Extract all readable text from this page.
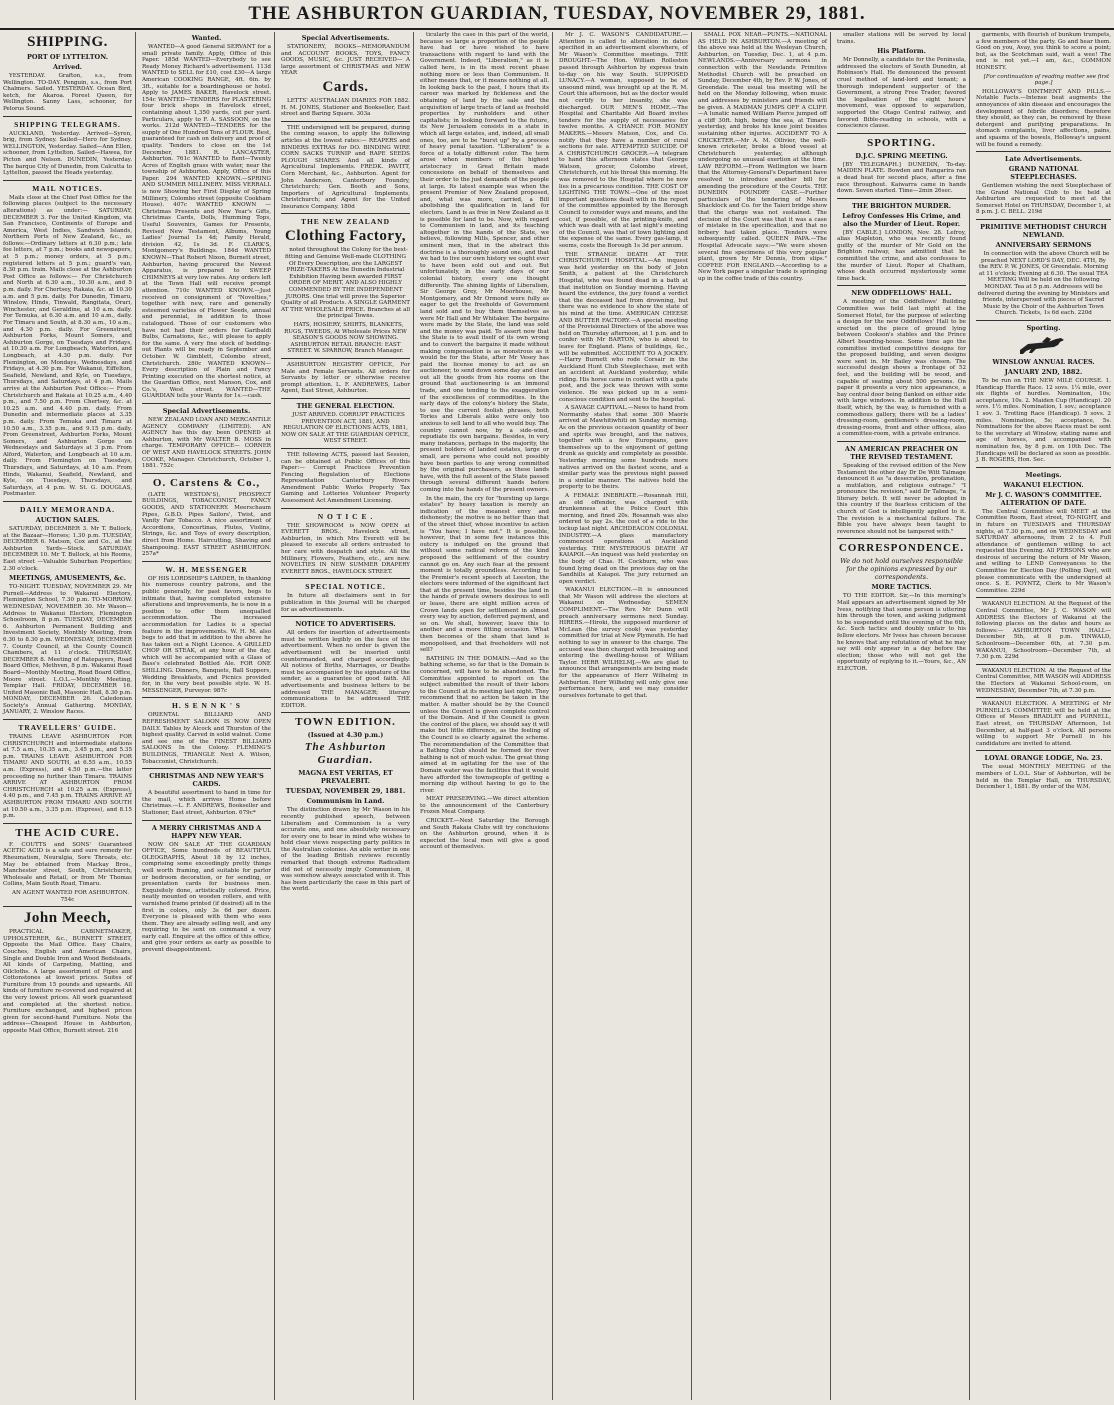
THE ASHBURTON GUARDIAN, TUESDAY, NOVEMBER 29, 1881.
SHIPPING.
PORT OF LYTTELTON.
Arrived.

YESTERDAY. Grafton, s.s., from Wellington. TO-DAY. Penguin, s.s., from Port Chalmers. Sailed. YESTERDAY. Ocean Bird, ketch, for Akaroa. Forest Queen, for Wellington. Sanny Lass, schooner, for Pelorus Sound.

SHIPPING TELEGRAMS.

AUCKLAND, Yesterday. Arrived—Syren, brig, from Sydney. Sailed—Hero for Sydney. WELLINGTON, Yesterday. Sailed—Ann Ellen, schooner, from Lyttelton. Sailed—Hawea, for Picton and Nelson. DUNEDIN, Yesterday. The barque City of Dunedin, from Calcutta to Lyttelton, passed the Heads yesterday.

MAIL NOTICES.

Mails close at the Chief Post Office for the following places (subject to the necessary alterations) as under:— SATURDAY, DECEMBER 3. For the United Kingdom, via San Francisco, Continents of Europe and America, West Indies, Sandwich Islands, Northern Ports of New Zealand, &c., as follows:—Ordinary letters at 6.30 p.m.; late fee letters, at 7 p.m.; books and newspapers, at 5 p.m.; money orders, at 5 p.m.; registered letters at 5 p.m.; guard's van, 8.30 p.m. train. Mails close at the Ashburton Post Office as follows:— For Christchurch and North at 6.30 a.m., 10.30 a.m., and 5 p.m. daily. For Chertsey, Rakaia, &c. at 10.30 a.m. and 5 p.m. daily. For Dunedin, Timaru, Winslow, Hinds, Tinwald, Rangitata, Orari, Winchester, and Geraldine, at 10 a.m. daily. For Temuka, at 6.30 a.m. and 10 a.m., daily. For Timaru and South, at 8.30 a.m., 10 a.m., and 4.30 p.m. daily. For Greenstreet, Ashburton Forks, Mount Somers, and Ashburton Gorge, on Tuesdays and Fridays, at 10.30 a.m. For Longbeach, Waterton, and Longbeach, at 4.30 p.m. daily. For Flemington, on Mondays, Wednesdays, and Fridays, at 4.30 p.m. For Wakanui, Eiffelton, Seafield, Newland, and Kyle, on Tuesdays, Thursdays, and Saturdays, at 4 p.m. Mails arrive at the Ashburton Post Office:— From Christchurch and Rakaia at 10.25 a.m., 4.40 p.m., and 7.50 p.m. From Chertsey, &c. at 10.25 a.m. and 4.40 p.m. daily. From Dunedin and intermediate places at 3.35 p.m. daily. From Temuka and Timaru at 10.50 a.m., 3.35 p.m., and 9.15 p.m. daily. From Greenstreet, Ashburton Forks, Mount Somers, and Ashburton Gorge on Wednesdays and Saturdays at 3 p.m. From Alford, Waterton, and Longbeach at 10 a.m. daily. From Flemington on Tuesdays, Thursdays, and Saturdays, at 10 a.m. From Hinds, Wakanui, Seafield, Newland, and Kyle, on Tuesdays, Thursdays, and Saturdays, at 4 p.m. W. St. G. DOUGLAS, Postmaster.

DAILY MEMORANDA.
AUCTION SALES.

SATURDAY, DECEMBER 3. Mr T. Bullock, at the Bazaar—Horses; 1.30 p.m. TUESDAY, DECEMBER 6. Matson, Cox and Co., at the Ashburton Yards—Stock. SATURDAY, DECEMBER 10. Mr T. Bullock, at his Rooms, East street —Valuable Suburban Properties; 2.30 o'clock.

MEETINGS, AMUSEMENTS, &c.

TO-NIGHT. TUESDAY, NOVEMBER 29. Mr Purnell—Address to Wakanui Electors, Flemington School, 7.30 p.m. TO-MORROW. WEDNESDAY, NOVEMBER 30. Mr Wason—Address to Wakanui Electors, Flemington Schoolroom, 8 p.m. TUESDAY, DECEMBER 6. Ashburton Permanent Building and Investment Society, Monthly Meeting, from 6.30 to 8.30 p.m. WEDNESDAY, DECEMBER 7. County Council, at the County Council Chambers, at 11 o'clock. THURSDAY, DECEMBER 8. Meeting of Ratepayers, Road Board Office, Methven, 8 p.m. Wakanui Road Board—Monthly Meeting, Road Board Office, Moore street. L.O.L.—Monthly Meeting, Templar Hall. FRIDAY, DECEMBER 16. United Masonic Ball, Masonic Hall, 8.30 p.m. MONDAY, DECEMBER 26. Caledonian Society's Annual Gathering. MONDAY, JANUARY, 2. Winslow Races.

TRAVELLERS' GUIDE.

TRAINS LEAVE ASHBURTON FOR CHRISTCHURCH and intermediate stations at 7.5 a.m., 10.35 a.m., 3.45 p.m., and 5.35 p.m. TRAINS LEAVE ASHBURTON FOR TIMARU AND SOUTH, at 6.55 a.m., 10.55 a.m. (Express), and 4.50 p.m.—the latter proceeding no further than Timaru. TRAINS ARRIVE AT ASHBURTON FROM CHRISTCHURCH at 10.25 a.m. (Express), 4.40 p.m., and 7.45 p.m. TRAINS ARRIVE AT ASHBURTON FROM TIMARU AND SOUTH at 10.50 a.m., 3.35 p.m. (Express), and 8.15 p.m.

THE ACID CURE.

F. COUTTS and SONS' Guaranteed ACETIC ACID is a safe and sure remedy for Rheumatism, Neuralgia, Sore Throats, etc. May be obtained from Mackay Bros., Manchester street, South, Christchurch, Wholesale and Retail, or from Mr Thomas Collins, Main South Road, Timaru.

AN AGENT WANTED FOR ASHBURTON. 754c

John Meech,

PRACTICAL CABINETMAKER, UPHOLSTERER, &c., BURNETT STREET, Opposite the Mail Office. Easy Chairs, Couches, English and American Chairs, Single and Double Iron and Wood Bedsteads. All kinds of Carpeting, Matting, and Oilcloths. A large assortment of Pipes and Cottonstones at lowest prices. Suites of Furniture from 15 pounds and upwards. All kinds of furniture re-covered and repaired at the very lowest prices. All work guaranteed and completed at the shortest notice. Furniture exchanged, and highest prices given for second-hand Furniture. Note the address—Cheapest House in Ashburton, opposite Mail Office, Burnett street. 216

Wanted.

WANTED—A good General SERVANT for a small private family. Apply, Office of this Paper. 185d WANTED—Everybody to see Ready Money Richard's advertisement. 113d WANTED to SELL for £10, cost £30—A large American COOKING RANGE, 4ft. 6in. by 3ft., suitable for a boardinghouse or hotel. Apply to JAMES BAKER, Havelock street. 154c WANTED—TENDERS for PLASTERING four brick shops in Havelock street, containing about 1,350 yards, cut per yard. Particulars, apply to F. A. SASSOON, on the works. 212d WANTED—TENDERS for the supply of One Hundred Tons of FLOUR. Best, guaranteed for cash on delivery and proof of quality. Tenders to close on the 1st December, 1881. R. LANCASTER, Ashburton. 761c WANTED to Rent—Twenty Acres of English grass with water, near the township of Ashburton. Apply, Office of this Paper. 294 WANTED KNOWN.—SPRING AND SUMMER MILLINERY. MISS VERRALL is now Showing her First Display of Spring Millinery, Colombo street (opposite Cookham House). 407c WANTED KNOWN — Christmas Presents and New Year's Gifts, Christmas Cards, Dolls, Humming Tops, Useful Souvenirs, Games for Presents, Revised New Testament, Albums, Young Ladies' Journal 1s 4d; Family Herald, division 42, 1s 3d. F. CLARK'S, Montgomery's Buildings. 184d WANTED KNOWN—That Robert Nixon, Burnett street, Ashburton, having procured the Newest Apparatus, is prepared to SWEEP CHIMNEYS at very low rates. Any orders left at the Town Hall will receive prompt attention. 710c WANTED KNOWN.—Just received on consignment of "Novelties," together with new, rare and generally esteemed varieties of Flower Seeds, annual and perennial, in addition to those catalogued. Those of our customers who have not had their orders for Garibaldi Bulbs, Carnations, &c., will please to apply for the same. A very fine stock of bedding-out Plants will be ready in September and October. W. Gimblett, Colombo street, Christchurch. 280c WANTED KNOWN—Every description of Plain and Fancy Printing executed on the shortest notice, at the Guardian Office, next Manson, Cox, and Co.'s, West street. WANTED—THE GUARDIAN tells your Wants for 1s.—cash.

Special Advertisements.

NEW ZEALAND LOAN AND MERCANTILE AGENCY COMPANY (LIMITED). AN AGENCY has this day been OPENED at Ashburton, with Mr WALTER B. MOSS in charge. TEMPORARY OFFICE— CORNER OF WEST AND HAVELOCK STREETS. JOHN COOKE, Manager. Christchurch, October 1, 1881. 752c

O. Carstens & Co.,

(LATE WESTON'S), PROSPECT BUILDINGS, TOBACCONIST, FANCY GOODS, AND STATIONERY. Meerschaum Pipes, G.B.D. Pipes Sailors', Twist, and Vanity Fair Tobacco. A nice assortment of Accordions, Concertinas, Flutes, Violins, Strings, &c. and Toys of every description, direct from Home. Haircutting, Shaving and Shampooing. EAST STREET ASHBURTON. 257a*

W. H. MESSENGER

OF HIS LORDSHIP'S LARDER, In thanking his numerous country patrons, and the public generally, for past favors, begs to intimate that, having completed extensive alterations and improvements, he is now in a position to offer them unequalled accommodation. The increased accommodation for Ladies is a special feature in the improvements. W. H. M. also begs to add that in addition to the above he has taken out a Night Licence. A GRILLED CHOP OR STEAK, at any hour of the day, which will be accompanied with a Glass of Bass's celebrated Bottled Ale. FOR ONE SHILLING. Dinners, Banquets, Ball Suppers, Wedding Breakfasts, and Picnics provided for, in the very best possible style. W. H. MESSENGER, Purveyor. 987c

H. S E N N K ' S

ORIENTAL BILLIARD AND REFRESHMENT SALOON IS NOW OPEN DAILY. Tables by Alcock and Thurston of the highest quality. Carved in solid walnut. Come and see one of the FINEST BILLIARD SALOONS In the Colony. FLEMING'S BUILDINGS, TRIANGLE Next A. Wilson, Tobacconist, Christchurch.

CHRISTMAS AND NEW YEAR'S CARDS.

A beautiful assortment to hand in time for the mail, which arrives Home before Christmas.—L. F. ANDREWS, Bookseller and Stationer, East street, Ashburton. 679c*

A MERRY CHRISTMAS AND A HAPPY NEW YEAR.

NOW ON SALE AT THE GUARDIAN OFFICE, Some hundreds of BEAUTIFUL OLEOGRAPHS, About 18 by 12 inches, comprising some exceedingly pretty things well worth framing, and suitable for parlor or bedroom decoration, or for sending, or presentation cards for business men. Exquisitely done, artistically colored. Price, neatly mounted on wooden rollers, and with varnished frame printed (if desired) all in the first in colors, only 3s 6d per dozen. Everyone is pleased with them who sees them. They are already selling well, and any requiring to be sent on command a very early call. Enquire at the office of this office, and give your orders as early as possible to prevent disappointment.

Special Advertisements.

STATIONERY, BOOKS—MEMORANDUM and ACCOUNT BOOKS, TOYS, FANCY GOODS, MUSIC, &c. JUST RECEIVED— A large assortment of CHRISTMAS and NEW YEAR

Cards.

LETTS' AUSTRALIAN DIARIES FOR 1882. H. M. JONES, Stationer and Bookseller, East street and Baring Square. 303a

THE undersigned will be prepared, during the coming season, to apply the following articles at the lowest rates:— REAPERS and BINDERS EXTRAS for DO. BINDING WIRE CORN SACKS TURNIP and RAPE SEEDS PLOUGH SHARES And all kinds of Agricultural Implements. FREDK. PAVITT, Corn Merchant, &c., Ashburton. Agent for John Anderson, Canterbury Foundry, Christchurch; Gen. Booth and Sons, Importers of Agricultural Implements, Christchurch; and Agent for the United Insurance Company. 180d

THE NEW ZEALAND
Clothing Factory,

noted throughout the Colony for the best-fitting and Genuine Well-made CLOTHING Of Every Description, are the LARGEST PRIZE-TAKERS At the Dunedin Industrial Exhibition Having been awarded FIRST ORDER OF MERIT, AND ALSO HIGHLY COMMENDED BY THE INDEPENDENT JURORS. One trial will prove the Superior Quality of all Products. A SINGLE GARMENT AT THE WHOLESALE PRICE. Branches at all the principal Towns.

HATS, HOSIERY, SHIRTS, BLANKETS, RUGS, TWEEDS, At Wholesale Prices NEW SEASON'S GOODS NOW SHOWING. ASHBURTON RETAIL BRANCH: EAST STREET. W. SPARROW, Branch Manager.

ASHBURTON REGISTRY OFFICE, For Male and Female Servants. All orders for Servants by letter or otherwise receive prompt attention. L. F. ANDREWES, Labor Agent, East Street, Ashburton.

THE GENERAL ELECTION.

JUST ARRIVED. CORRUPT PRACTICES PREVENTION ACT, 1881, AND REGULATION OF ELECTIONS ACTS, 1881, NOW ON SALE AT THE GUARDIAN OFFICE, WEST STREET.

THE following ACTS, passed last Session, can be obtained at Public Offices of this Paper:— Corrupt Practices Prevention Fencing Regulation of Elections Representation Canterbury Rivers Amendment Public Works Property Tax Gaming and Lotteries Volunteer Property Assessment Act Amendment Licensing.

N O T I C E .

THE SHOWROOM is NOW OPEN at EVERETT BROS., Havelock street, Ashburton, in which Mrs Everett will be pleased to execute all orders entrusted to her care with despatch and style. All the Millinery, Flowers, Feathers, etc., are new. NOVELTIES IN NEW SUMMER DRAPERY EVERETT BROS., HAVELOCK STREET.

SPECIAL NOTICE.

In future all disclaimers sent in for publication in this Journal will be charged for as advertisements.

NOTICE TO ADVERTISERS.

All orders for insertion of advertisements must be written legibly on the face of the advertisement. When no order is given the advertisement will be inserted until countermanded, and charged accordingly. All notices of Births, Marriages, or Deaths must be accompanied by the signature of the sender, as a guarantee of good faith. All advertisements and business letters to be addressed THE MANAGER; literary communications to be addressed THE EDITOR.

TOWN EDITION.
(Issued at 4.30 p.m.)
The Ashburton Guardian.
MAGNA EST VERITAS, ET PREVALEBIT.
TUESDAY, NOVEMBER 29, 1881.
Communism in Land.

The distinction drawn by Mr Wason in his recently published speech, between Liberalism and Communism is a very accurate one, and one absolutely necessary for every one to bear in mind who wishes to hold clear views respecting party politics in the Australian colonies. An able writer in one of the leading British reviews recently remarked that though extreme Radicalism did not of necessity imply Communism, it was somehow always associated with it. This has been particularly the case in this part of the world.

ticularly the case in this part of the world, because so large a proportion of the people have had or have wished to have transactions with regard to land with the Government. Indeed, "Liberalism," as it is called here, is in its most recent phase nothing more or less than Communism. It either means that, or it means nothing at all. In looking back to the past, I hours that its career was marked by fickleness and the obtaining of land by the sale and the acquisition of large tracts of land as freehold properties by runholders and other capitalists; in looking forward to the future, its New Jerusalem consists in a state in which all large estates, and, indeed, all small ones, too, are to be "burst up" by a process of heavy penal taxation. "Liberalism" is a force of a totally different color. The term arose when members of the highest aristocracy in Great Britain made concessions on behalf of themselves and their order to the just demands of the people at large. Its latest example was when the present Premier of New Zealand proposed, and, what was more, carried, a Bill abolishing the qualification in land for electors. Land is as free in New Zealand as it is possible for land to be. Now, with regard to Communism in land, and its teaching altogether in the hands of the State, we believe, following Mills, Spencer, and other eminent men, that in the abstract this doctrine is a thoroughly sound one, and that we had to live our own history we ought ever to have been sold out and out. But unfortunately, in the early days of our colonial history, every one thought differently. The shining lights of Liberalism, Sir George Grey, Mr Moorhouse, Mr Montgomery, and Mr Ormond were fully as eager to get the freeholds of Government land sold and to buy them themselves as were Mr Hall and Mr Whitaker. The bargains were made by the State, the land was sold and the money was paid. To assert now that the State is to avail itself of its own wrong and to convert the bargains it made without making compensation is as monstrous as it would be for the State, after Mr Vesey has paid the license money to act as an auctioneer, to send down some day and clear out all the goods from his rooms on the ground that auctioneering is an immoral trade, and one tending to the exaggeration of the excellences of commodities. In the early days of the colony's history the State, to use the current foolish phrases, both Tories and Liberals alike were only too anxious to sell land to all who would buy. The country cannot now, by a side-wind, repudiate its own bargains. Besides, in very many instances, perhaps in the majority, the present holders of landed estates, large or small, are persons who could not possibly have been parties to any wrong committed by the original purchasers, as these lands have, with the full assent of the State passed through several different hands before coming into the hands of the present owners.

In the main, the cry for "bursting up large estates" by heavy taxation is merely an indication of the meanest envy and dishonesty; the motive is no better than that of the street thief, whose incentive to action is "You have; I have not." It is possible, however, that in some few instances this outcry is indulged on the ground that without some radical reform of the kind proposed the settlement of the country cannot go on. Any such fear at the present moment is totally groundless. According to the Premier's recent speech at Leeston, the electors were informed of the significant fact that at the present time, besides the land in the hands of private owners desirous to sell or lease, there are eight million acres of Crown lands open for settlement in almost every way by auction, deferred payment, and so on. We shall, however, leave this to another and a more fitting occasion. What then becomes of the sham that land is monopolised, and that freeholders will not sell?

BATHING IN THE DOMAIN.—And so the bathing scheme, so far that is the Domain is concerned, will have to be abandoned. The Committee appointed to report on the subject submitted the result of their labors to the Council at its meeting last night. They recommend that no action be taken in the matter. A matter should be by the Council unless the Council is given complete control of the Domain. And if the Council is given the control of the place, we should say it will make but little difference, as the feeling of the Council is so clearly against the scheme. The recommendation of the Committee that a Bathing Club should be formed for river bathing is not of much value. The great thing aimed at in agitating for the use of the Domain water was the facilities that it would have afforded the townspeople of getting a morning dip without having to go to the river.

MEAT PRESERVING.—We direct attention to the announcement of the Canterbury Frozen Meat Company.

CRICKET.—Next Saturday the Borough and South Rakaia Clubs will try conclusions on the Ashburton ground, when it is expected the local men will give a good account of themselves.

Mr J. C. WASON'S CANDIDATURE.—Attention is called to alteration in dates specified in an advertisement elsewhere, of Mr Wason's Committee meetings. THE DROUGHT.—The Hon. William Rolleston passed through Ashburton by express train to-day on his way South. SUPPOSED LUNACY.—A woman, supposed to be of unsound mind, was brought up at the R. M. Court this afternoon, but as the doctor would not certify to her insanity, she was discharged. OUR MEN'S HOME.—The Hospital and Charitable Aid Board invites tenders for the supply of necessaries for twelve months. A CHANCE FOR MONEY MAKERS.—Messrs Matson, Cox, and Co. notify that they have a number of rural sections for sale. ATTEMPTED SUICIDE OF A CHRISTCHURCH GROCER.—A telegram to hand this afternoon states that George Watson, grocer, Colombo street, Christchurch, cut his throat this morning. He was removed to the Hospital where he now lies in a precarious condition. THE COST OF LIGHTING THE TOWN.—One of the most important questions dealt with in the report of the committee appointed by the Borough Council to consider ways and means, and the cost, if possible, of the printing-knife, and which was dealt with at last night's meeting of the Council, was that of town lighting and the expense of the same. Every gas-lamp, it seems, costs the Borough 1s 3d per annum.

THE STRANGE DEATH AT THE CHRISTCHURCH HOSPITAL.—An inquest was held yesterday on the body of John Smith, a patient at the Christchurch Hospital, who was found dead in a bath at that institution on Sunday morning. Having heard the evidence, the jury found a verdict that the deceased had from drowning, but there was no evidence to show the state of his mind at the time. AMERICAN CHEESE AND BUTTER FACTORY.—A special meeting of the Provisional Directors of the above was held on Thursday afternoon, at 1 p.m. and to confer with Mr BARTON, who is about to leave for England. Plans of buildings, &c., will be submitted. ACCIDENT TO A JOCKEY.—Harry Burnett who rode Corsair in the Auckland Hunt Club Steeplechase, met with an accident at Auckland yesterday, while riding. His horse came in contact with a gate post, and the jock was thrown with some violence. He was picked up in a semi-conscious condition and sent to the hospital.

A SAVAGE CAPTIVAL.—News to hand from Normanby states that some 300 Maoris arrived at Mawhitiwhiti on Sunday morning. As on the previous occasion quantity of beer and spirits was brought, and the natives, together with a few Europeans, gave themselves up to the enjoyment of getting drunk as quickly and completely as possible. Yesterday morning some hundreds more natives arrived on the fastest scene, and a similar party was the previous night passed in a similar manner. The natives hold the property to be theirs.

A FEMALE INEBRIATE.—Rosannah Hill, an old offender, was charged with drunkenness at the Police Court this morning, and fined 20s. Rosannah was also ordered to pay 2s. the cost of a ride to the lockup last night. ARCHDEACON COLONIAL INDUSTRY.—A glass manufactory commenced operations at Auckland yesterday. THE MYSTERIOUS DEATH AT KAIAPOI.—An inquest was held yesterday on the body of Chas. H. Cockburn, who was found lying dead on the previous day on the Sandhills at Kaiapoi. The jury returned an open verdict.

WAKANUI ELECTION.—It is announced that Mr Wason will address the electors at Wakanui on Wednesday. SEMEN COMPLIMENT.—The Rev. Mr Dunn will preach anniversary sermons next Sunday. HIRERS.—Hiroki, the supposed murderer of McLean (the survey cook) was yesterday committed for trial at New Plymouth. He had nothing to say in answer to the charge. The accused was then charged with breaking and entering the dwelling-house of William Taylor. HERR WILHELMJ.—We are glad to announce that arrangements are being made for the appearance of Herr Wilhelmj in Ashburton. Herr Wilhelmj will only give one performance here, and we may consider ourselves fortunate to get that.

SMALL POX NEAR—PUNTS.—NATIONAL AS HELD IN ASHBURTON.—A meeting of the above was held at the Wesleyan Church, Ashburton, on Tuesday, Dec. 1, at 4 p.m. NEWLANDS.—Anniversary sermons in connection with the Newlands Primitive Methodist Church will be preached on Sunday, December 4th, by Rev. P. W. Jones, of Greendale. The usual tea meeting will be held on the Monday following, when music and addresses by ministers and friends will be given. A MADMAN JUMPS OFF A CLIFF.—A lunatic named William Pierce jumped off a cliff 30ft. high, being the sea, at Timaru yesterday, and broke his knee joint besides sustaining other injuries. ACCIDENT TO A CRICKETER.—Mr A. M. Ollivier, the well-known cricketer, broke a blood vessel at Christchurch yesterday, although undergoing no unusual exertion at the time. LAW REFORM.—From Wellington we learn that the Attorney-General's Department have resolved to introduce another bill for amending the procedure of the Courts. THE DUNEDIN FOUNDRY CASE.—Further particulars of the tendering of Messrs Shacklock and Co. for the Taieri bridge show that the charge was not sustained. The decision of the Court was that it was a case of mistake in the specification, and that no bribery had taken place. Tenders were subsequently called. QUEEN PAPA.—The Hospital Advocate says:—"We were shown several fine specimens of this very popular plant, grown by Mr Dennis, from slips." COFFEE FOR ENGLAND.—According to a New York paper a singular trade is springing up in the coffee trade of this country.

smaller stations will be served by local trains.

His Platform.

Mr Donnelly, a candidate for the Peninsula, addressed the electors of South Dunedin, at Robinson's Hall. He denounced the present cruel method of land-lord and tenant; a thorough independent supporter of the Government, a strong Free Trader, favored the legalisation of the eight hours' movement, was opposed to separation, supported the Otago Central railway, and favored Bible-reading in schools, with a conscience clause.

SPORTING.
D.J.C. SPRING MEETING.

[BY TELEGRAPH.] DUNEDIN, To-day. MAIDEN PLATE. Bowden and Rangarira ran a dead heat for second place, after a fine race throughout. Kaiwarra came in hands down. Seven started. Time—2min 26sec.

THE BRIGHTON MURDER.
Lefroy Confesses His Crime, and also the Murder of Lieut. Roper.

[BY CABLE.] LONDON, Nov. 28. Lefroy, alias Mapleton, who was recently found guilty of the murder of Mr Gold on the Brighton railway, has admitted that he committed the crime, and also confesses to the murder of Lieut. Roper at Chatham, whose death occurred mysteriously some time back.

NEW ODDFELLOWS' HALL.

A meeting of the Oddfellows' Building Committee was held last night at the Somerset Hotel, for the purpose of selecting a design for the new Oddfellows' Hall to be erected on the piece of ground lying between Cookson's stables and the Prince Albert boarding-house. Some time ago the committee invited competitive designs for the proposed building, and seven designs were sent in. Mr Bailey was chosen. The successful design shows a frontage of 52 feet, and the building will be wood, and capable of seating about 500 persons. On paper it presents a very nice appearance, a bay central door being flanked on either side with large windows. In addition to the Hall itself, which, by the way, is furnished with a commodious gallery, there will be a ladies' dressing-room, gentlemen's dressing-room, dressing-rooms, front and other offices, also a committee-room, with a private entrance.

AN AMERICAN PREACHER ON THE REVISED TESTAMENT.

Speaking of the revised edition of the New Testament the other day Dr De Witt Talmage denounced it as "a desecration, profanation, a mutilation, and religious outrage." "I pronounce the revision," said Dr Talmage, "a literary botch. It will never be adopted in this country if the fearless criticism of the church of God is intelligently applied to it. The revision is a mechanical failure. The Bible you have always been taught to reverence should not be tampered with."

CORRESPONDENCE.
We do not hold ourselves responsible for the opinions expressed by our correspondents.
MORE TACTICS.

TO THE EDITOR. Sir,—In this morning's Mail appears an advertisement signed by Mr Ivess, notifying that some person is uttering him through the town, and asking judgment to be suspended until the evening of the 6th, &c. Such tactics and doubly unfair to his fellow electors. Mr Ivess has chosen because he knows that any refutation of what he may say will only appear in a day before the election; those who will not get the opportunity of replying to it.—Yours, &c., AN ELECTOR.

garments, with flourish of bunkum trumpets, a few members of the party. Go and hear them. Good on you, Avay, you think to score a point; but, as the Scotchman said, wait a wee! The end is not yet.—I am, &c., COMMON HONESTY.

[For continuation of reading matter see first page.]

HOLLOWAY'S OINTMENT AND PILLS.—Notable Facts.—Intense heat augments the annoyances of skin disease and encourages the development of febrile disorders; therefore they should, as they can, be removed by these detergent and purifying preparations. In stomach complaints, liver affections, pains, and spasms of the bowels, Holloway's unguent will be found a remedy.

Late Advertisements.
GRAND NATIONAL STEEPLECHASES.

Gentlemen wishing the next Steeplechase of the Grand National Club to be held at Ashburton are requested to meet at the Somerset Hotel on THURSDAY, December 1, at 8 p.m. J. C. BELL. 219d

PRIMITIVE METHODIST CHURCH NEWLAND.
ANNIVERSARY SERMONS

In connection with the above Church will be preached NEXT LORD'S DAY, DEC. 4TH, By the REV. P. W. JONES, Of Greendale. Morning at 11 o'clock; Evening at 6.30. The usual TEA MEETING Will be held on the following MONDAY. Tea at 5 p.m. Addresses will be delivered during the evening by Ministers and friends, interspersed with pieces of Sacred Music by the Choir of the Ashburton Town Church. Tickets, 1s 6d each. 220d

Sporting.
WINSLOW ANNUAL RACES.
JANUARY 2ND, 1882.

To be run on THE NEW MILE COURSE. 1. Handicap Hurdle Race. 12 sovs. 1¼ mile, over six flights of hurdles. Nomination, 10s; acceptance, 10s. 2. Maiden Cup (Handicap). 20 sovs. 1½ miles. Nomination, 1 sov.; acceptance 1 sov. 3. Trotting Race (Handicap). 5 sovs. 2 miles. Nomination, 5s; acceptance, 5s. Nominations for the above Races must be sent to the secretary at Winslow, stating name and age of horses, and accompanied with nomination fee, by 8 p.m. on 10th Dec. The Handicaps will be declared as soon as possible. J. B. ROGERS, Hon. Sec.

Meetings.
WAKANUI ELECTION.
Mr J. C. WASON'S COMMITTEE. ALTERATION OF DATE.

The Central Committee will MEET at the Committee Room, East street, TO-NIGHT, and in future on TUESDAYS and THURSDAY nights, at 7.30 p.m., and on WEDNESDAY and SATURDAY afternoons, from 2 to 4. Full attendance of gentlemen willing to act requested this Evening. All PERSONS who are desirous of securing the return of Mr Wason, and willing to LEND Conveyances to the Committee for Election Day (Polling Day), will please communicate with the undersigned at once. S. E. POYNTZ, Clerk to Mr Wason's Committee. 229d

WAKANUI ELECTION. At the Request of the Central Committee, Mr J. C. WASON will ADDRESS the Electors of Wakanui at the following places on the dates and hours as follows:— ASHBURTON TOWN HALL—December 5th, at 8 p.m. TINWALD, Schoolroom—December 6th, at 7.30 p.m. WAKANUI, Schoolroom—December 7th, at 7.30 p.m. 229d

WAKANUI ELECTION. At the Request of the Central Committee, MR WASON will ADDRESS the Electors at Wakanui School-room, on WEDNESDAY, December 7th, at 7.30 p.m.

WAKANUI ELECTION. A MEETING of Mr PURNELL'S COMMITTEE will be held at the Offices of Messrs BRADLEY and PURNELL, East street, on THURSDAY Afternoon, 1st December, at half-past 3 o'clock. All persons willing to support Mr Purnell in his candidature are invited to attend.

LOYAL ORANGE LODGE, No. 23.

The usual MONTHLY MEETING of the members of L.O.L. Star of Ashburton, will be held in the Templar Hall, on THURSDAY, December 1, 1881. By order of the W.M.
